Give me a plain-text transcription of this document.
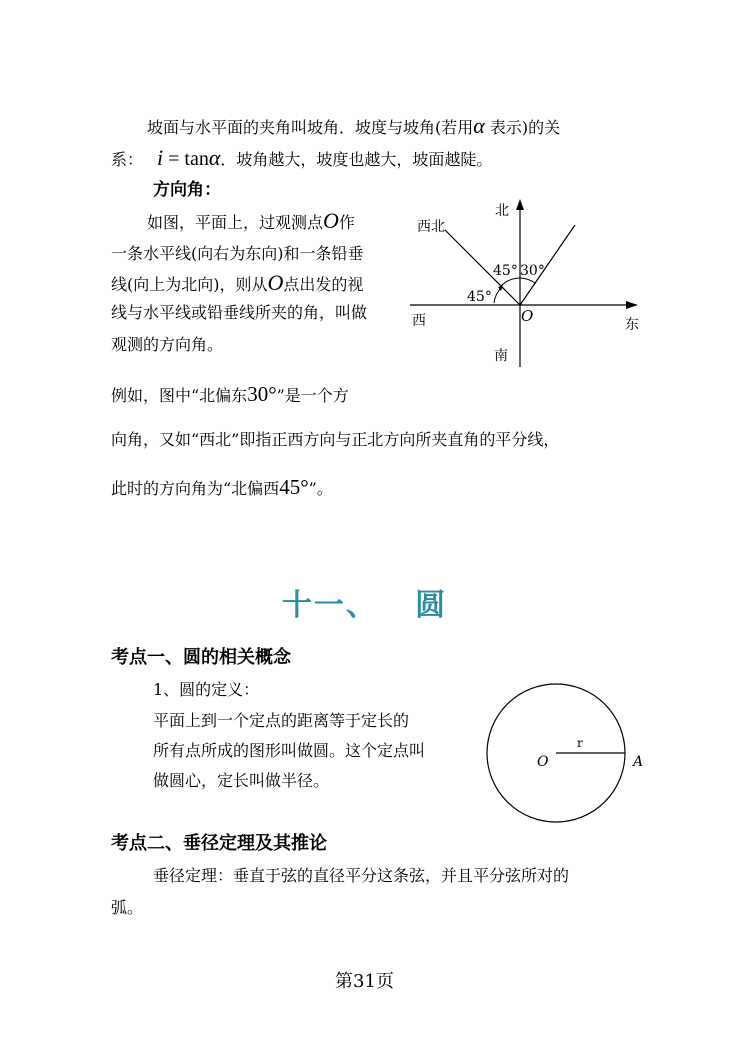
坡面与水平面的夹角叫坡角．坡度与坡角(若用α 表示)的关
系： i = tanα．坡角越大，坡度也越大，坡面越陡。
方向角：
如图，平面上，过观测点O作
一条水平线(向右为东向)和一条铅垂
线(向上为北向)，则从O点出发的视
线与水平线或铅垂线所夹的角，叫做
观测的方向角。
例如，图中“北偏东30°”是一个方
向角，又如“西北”即指正西方向与正北方向所夹直角的平分线，
此时的方向角为“北偏西45°”。
北
西北
45° 30°
45°
西	O	东
南
十一、   圆
考点一、圆的相关概念
1、圆的定义：
平面上到一个定点的距离等于定长的
所有点所成的图形叫做圆。这个定点叫
做圆心，定长叫做半径。
O
r
A
考点二、垂径定理及其推论
垂径定理：垂直于弦的直径平分这条弦，并且平分弦所对的
弧。
第31页
